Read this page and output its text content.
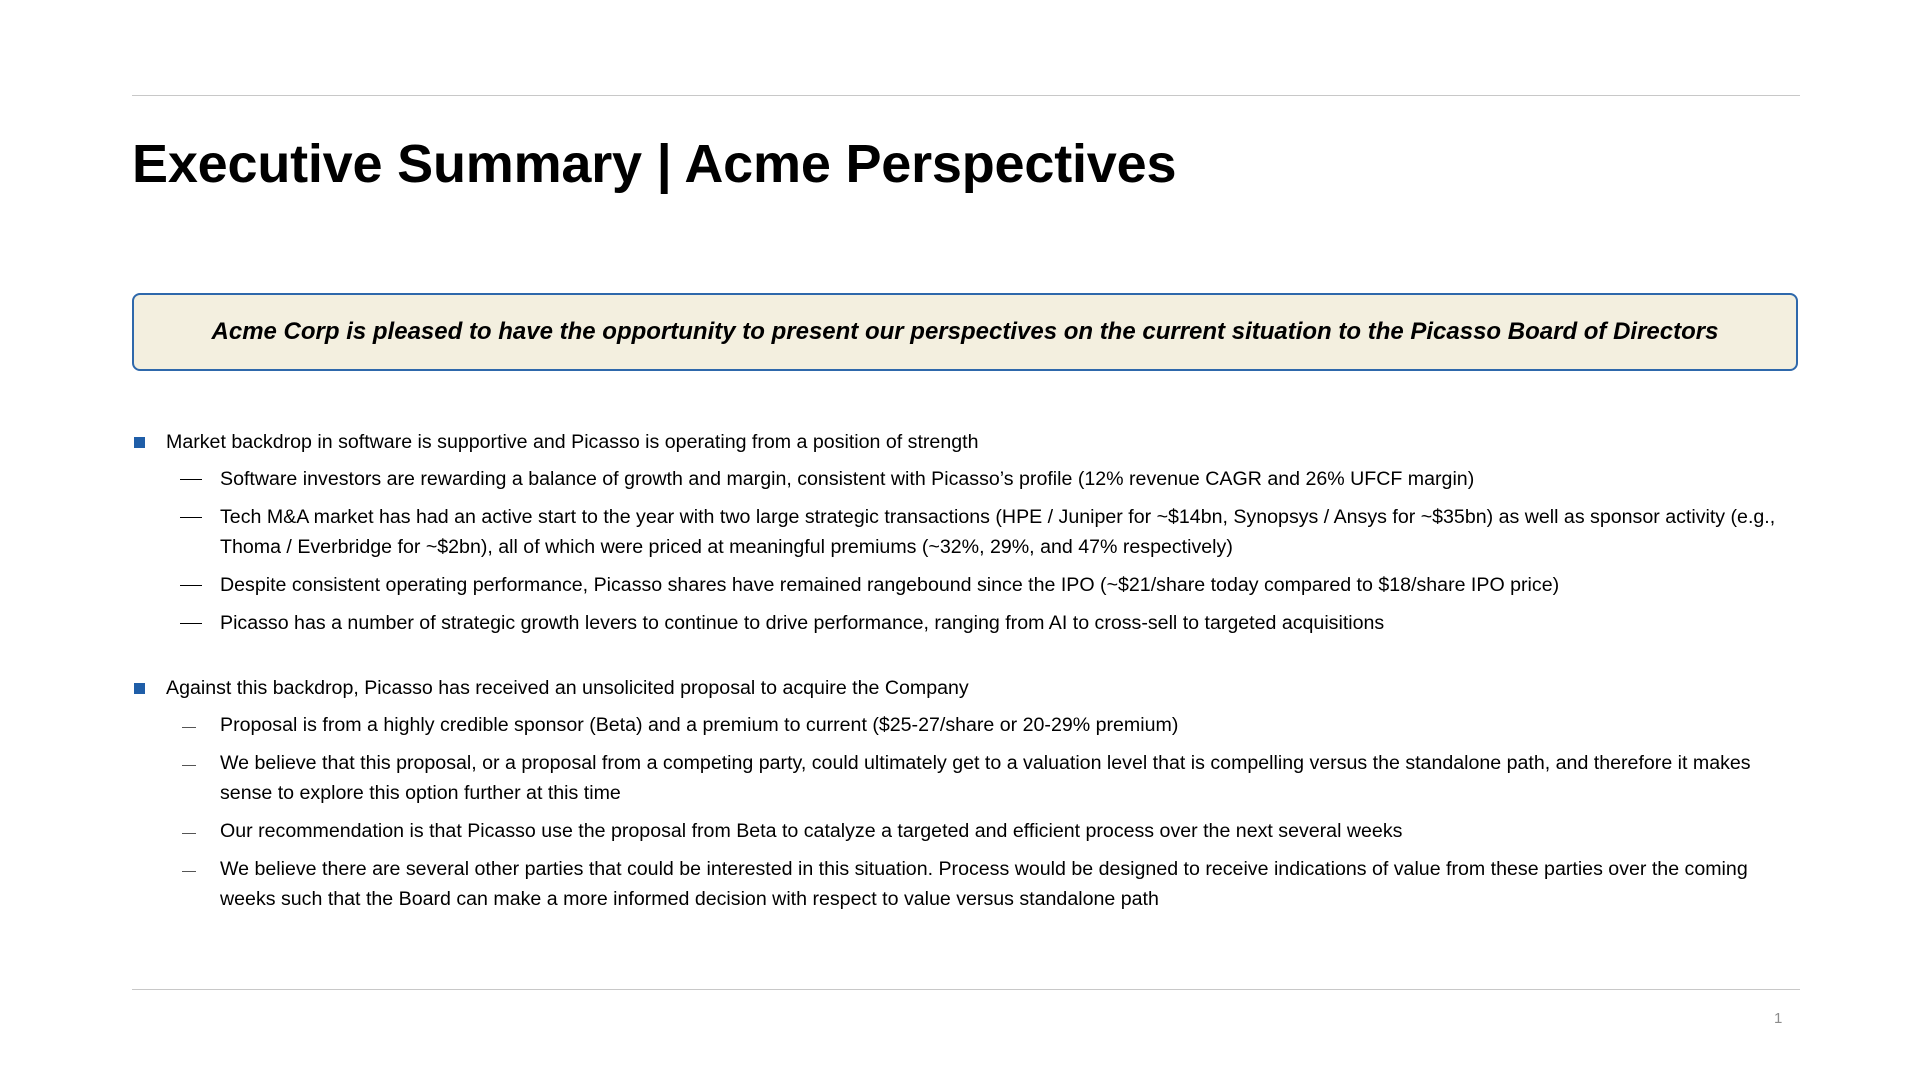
Executive Summary | Acme Perspectives
Acme Corp is pleased to have the opportunity to present our perspectives on the current situation to the Picasso Board of Directors
Market backdrop in software is supportive and Picasso is operating from a position of strength
Software investors are rewarding a balance of growth and margin, consistent with Picasso’s profile (12% revenue CAGR and 26% UFCF margin)
Tech M&A market has had an active start to the year with two large strategic transactions (HPE / Juniper for ~$14bn, Synopsys / Ansys for ~$35bn) as well as sponsor activity (e.g., Thoma / Everbridge for ~$2bn), all of which were priced at meaningful premiums (~32%, 29%, and 47% respectively)
Despite consistent operating performance, Picasso shares have remained rangebound since the IPO (~$21/share today compared to $18/share IPO price)
Picasso has a number of strategic growth levers to continue to drive performance, ranging from AI to cross-sell to targeted acquisitions
Against this backdrop, Picasso has received an unsolicited proposal to acquire the Company
Proposal is from a highly credible sponsor (Beta) and a premium to current ($25-27/share or 20-29% premium)
We believe that this proposal, or a proposal from a competing party, could ultimately get to a valuation level that is compelling versus the standalone path, and therefore it makes sense to explore this option further at this time
Our recommendation is that Picasso use the proposal from Beta to catalyze a targeted and efficient process over the next several weeks
We believe there are several other parties that could be interested in this situation. Process would be designed to receive indications of value from these parties over the coming weeks such that the Board can make a more informed decision with respect to value versus standalone path
1
